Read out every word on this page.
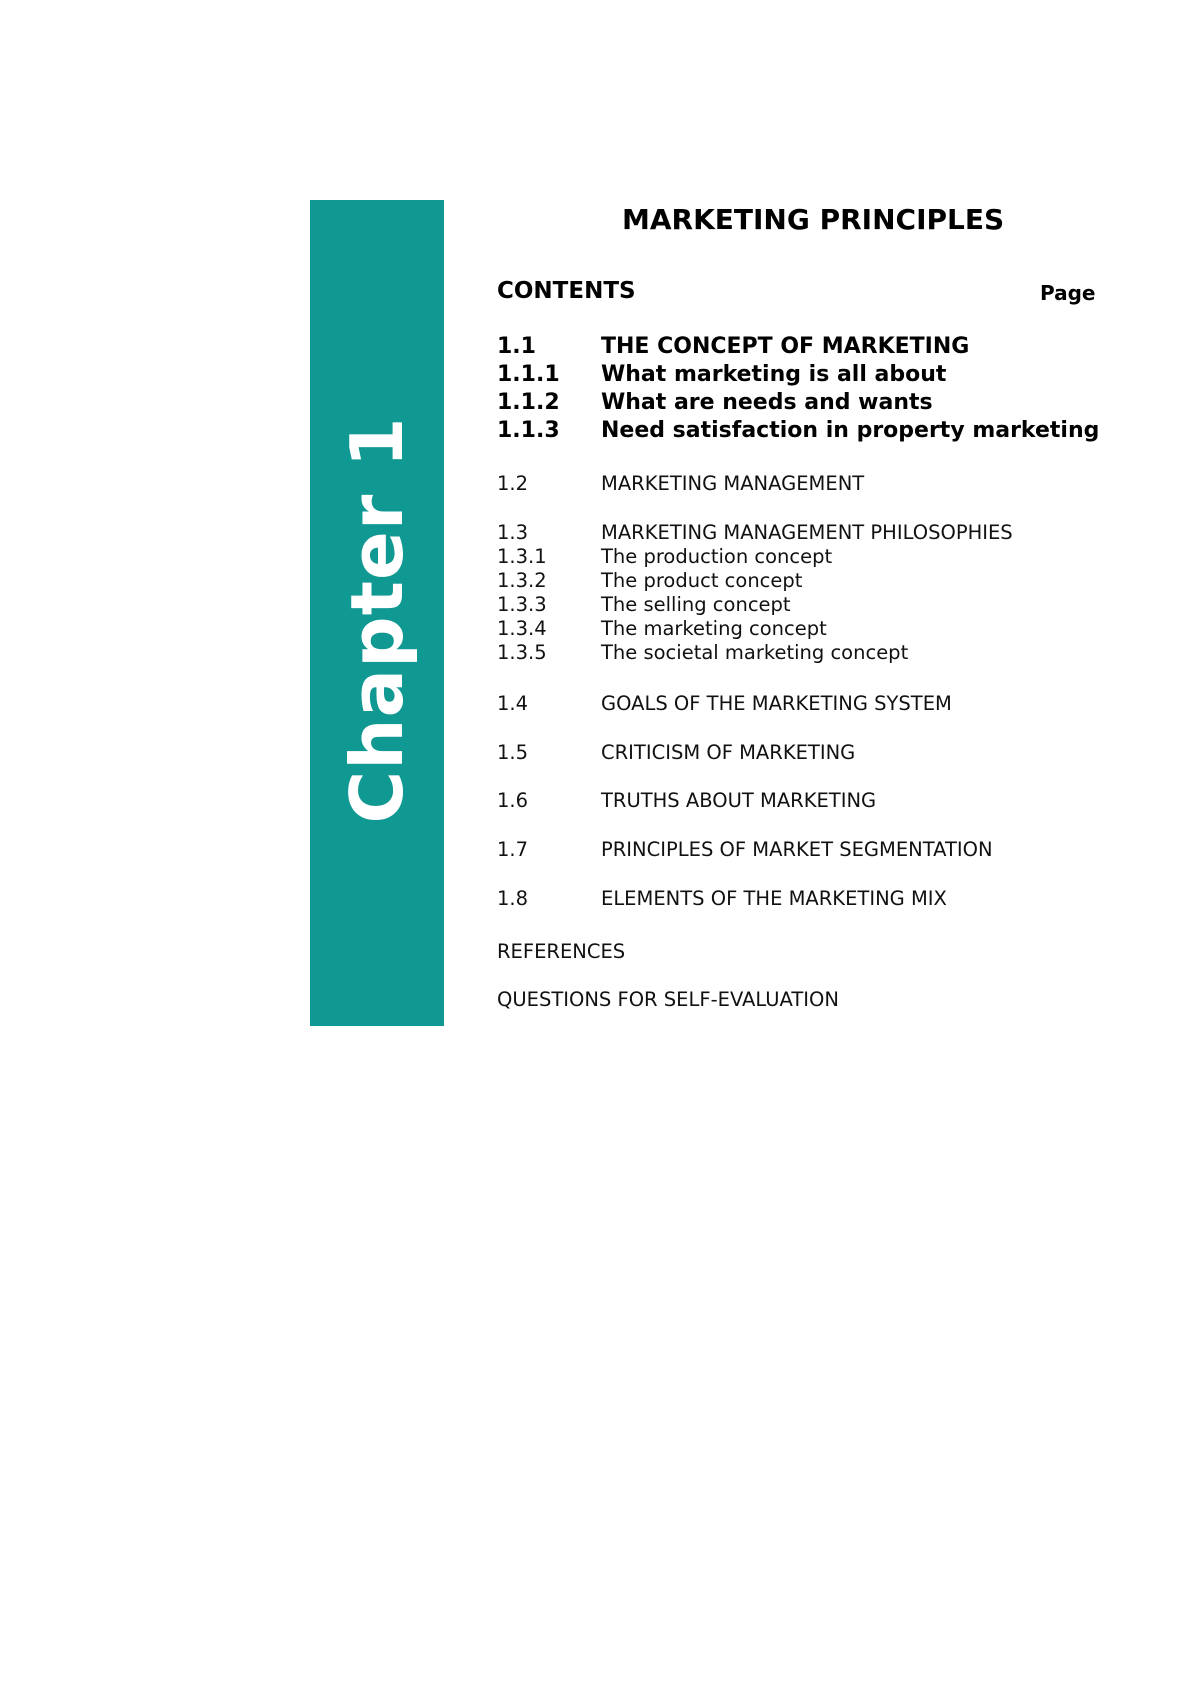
Chapter 1
MARKETING PRINCIPLES
CONTENTS	Page
1.1	THE CONCEPT OF MARKETING
1.1.1 What marketing is all about
1.1.2 What are needs and wants
1.1.3 Need satisfaction in property marketing
1.2	MARKETING MANAGEMENT
1.3	MARKETING MANAGEMENT PHILOSOPHIES
1.3.1	The production concept
1.3.2	The product concept
1.3.3	The selling concept
1.3.4	The marketing concept
1.3.5	The societal marketing concept
1.4	GOALS OF THE MARKETING SYSTEM
1.5	CRITICISM OF MARKETING
1.6	TRUTHS ABOUT MARKETING
1.7	PRINCIPLES OF MARKET SEGMENTATION
1.8	ELEMENTS OF THE MARKETING MIX
REFERENCES
QUESTIONS FOR SELF-EVALUATION
